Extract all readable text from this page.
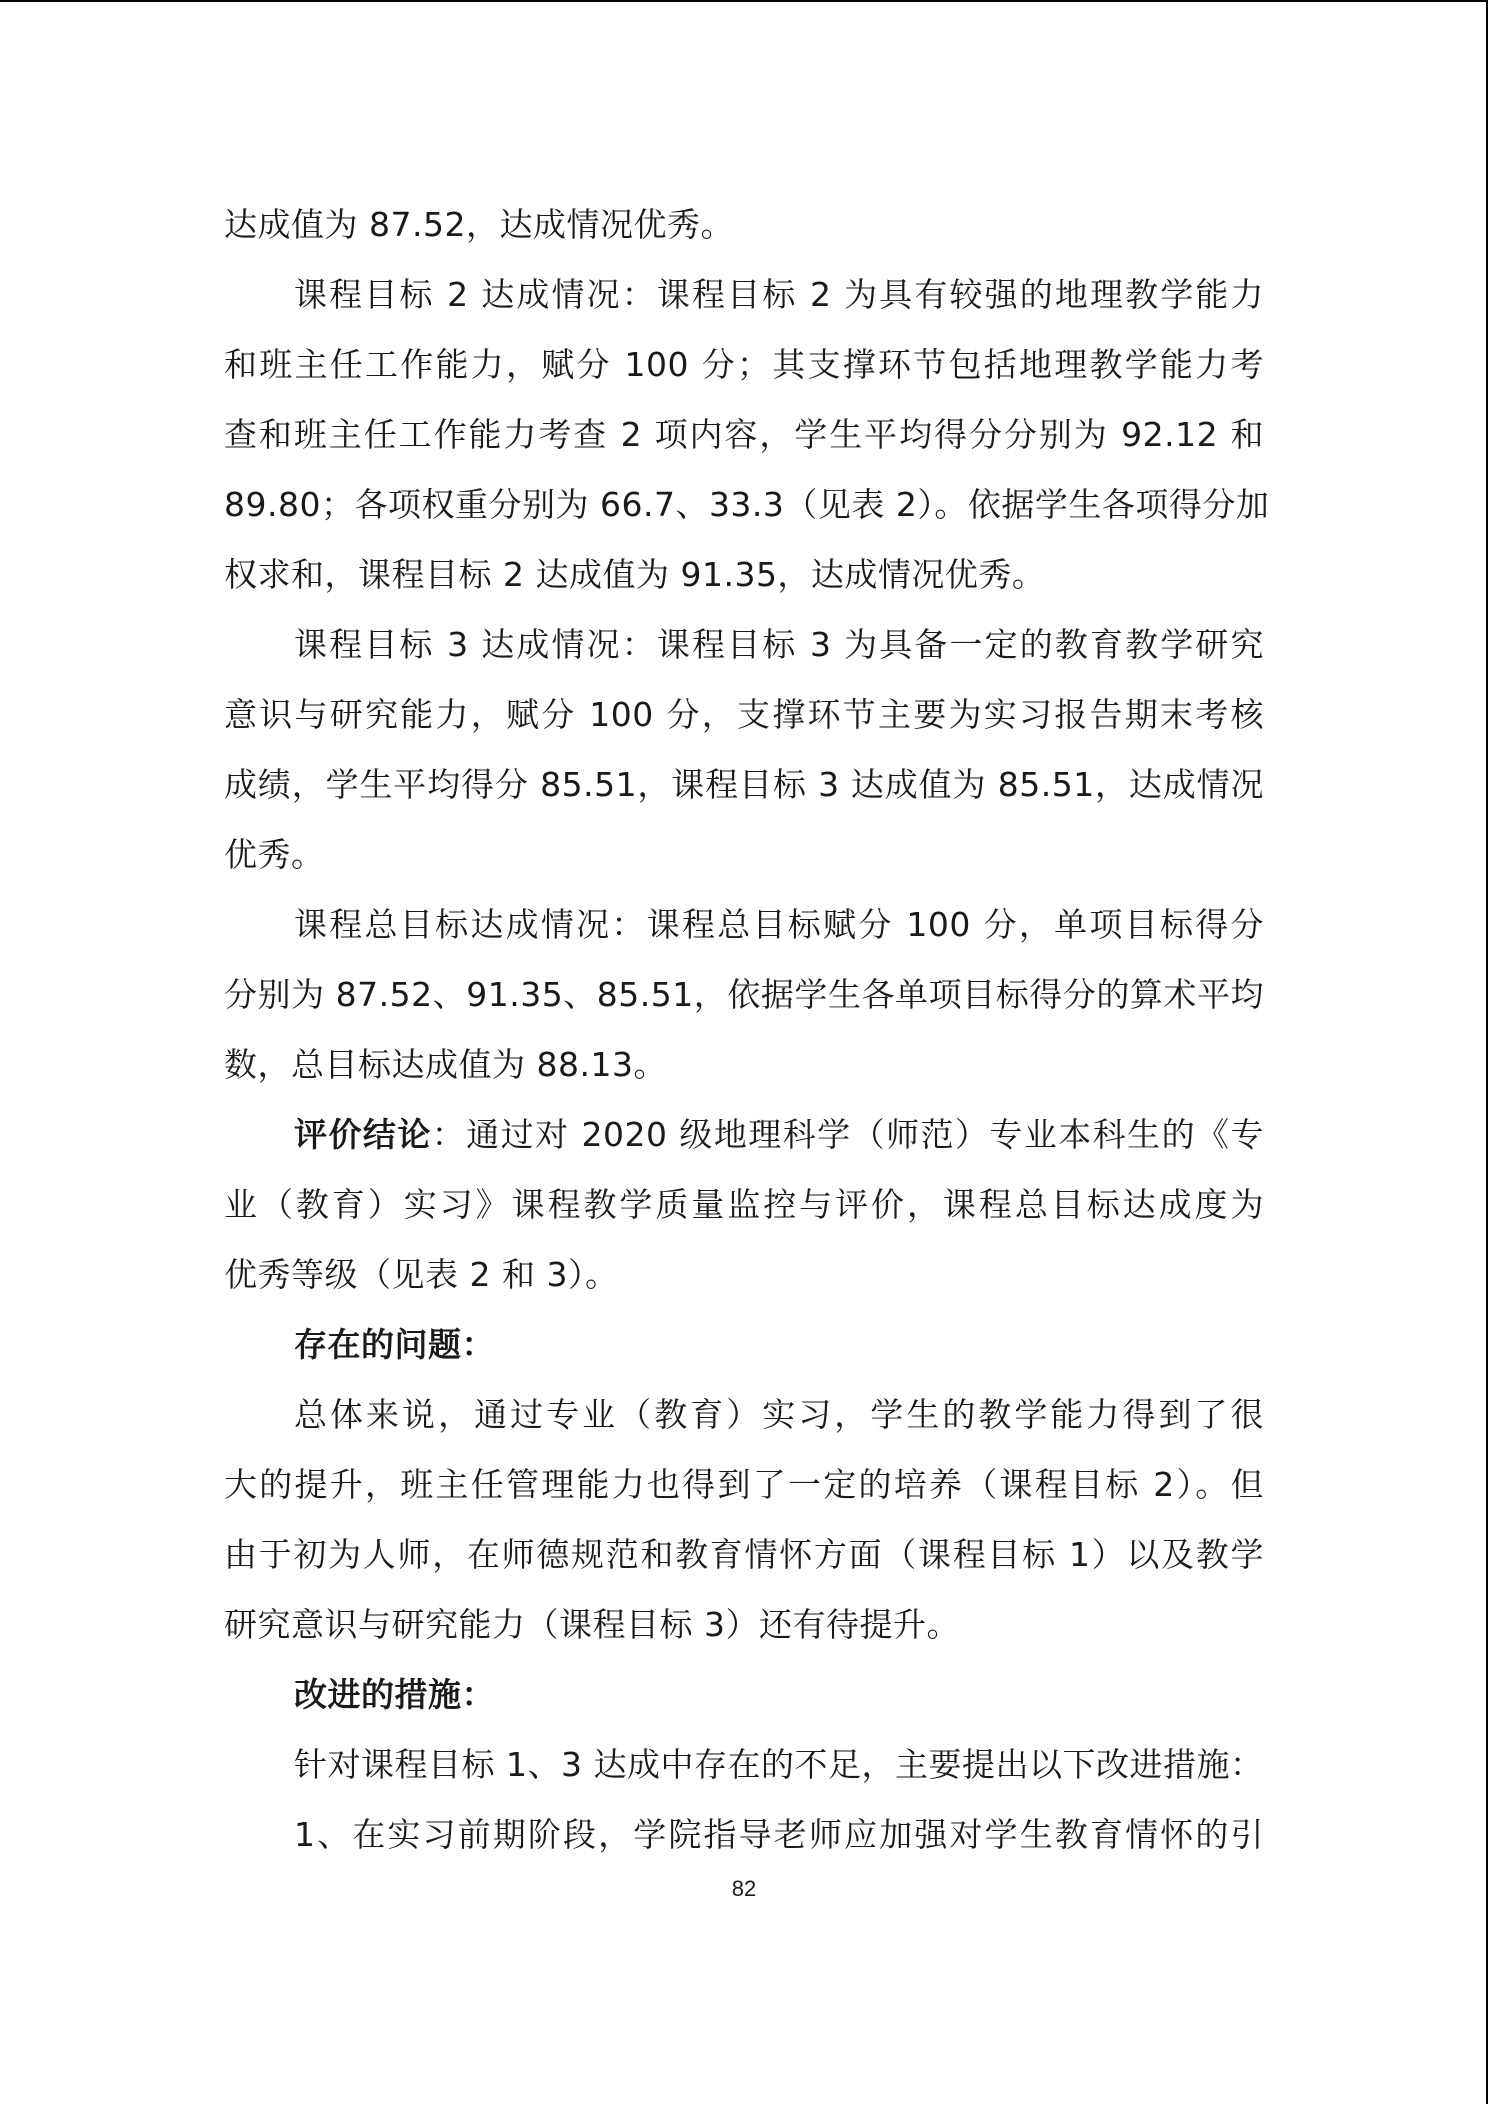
达成值为 87.52，达成情况优秀。
课程目标 2 达成情况：课程目标 2 为具有较强的地理教学能力
和班主任工作能力，赋分 100 分；其支撑环节包括地理教学能力考
查和班主任工作能力考查 2 项内容，学生平均得分分别为 92.12 和
89.80；各项权重分别为 66.7、33.3（见表 2）。依据学生各项得分加
权求和，课程目标 2 达成值为 91.35，达成情况优秀。
课程目标 3 达成情况：课程目标 3 为具备一定的教育教学研究
意识与研究能力，赋分 100 分，支撑环节主要为实习报告期末考核
成绩，学生平均得分 85.51，课程目标 3 达成值为 85.51，达成情况
优秀。
课程总目标达成情况：课程总目标赋分 100 分，单项目标得分
分别为 87.52、91.35、85.51，依据学生各单项目标得分的算术平均
数，总目标达成值为 88.13。
评价结论：通过对 2020 级地理科学（师范）专业本科生的《专
业（教育）实习》课程教学质量监控与评价，课程总目标达成度为
优秀等级（见表 2 和 3）。
存在的问题：
总体来说，通过专业（教育）实习，学生的教学能力得到了很
大的提升，班主任管理能力也得到了一定的培养（课程目标 2）。但
由于初为人师，在师德规范和教育情怀方面（课程目标 1）以及教学
研究意识与研究能力（课程目标 3）还有待提升。
改进的措施：
针对课程目标 1、3 达成中存在的不足，主要提出以下改进措施：
1、在实习前期阶段，学院指导老师应加强对学生教育情怀的引
82
